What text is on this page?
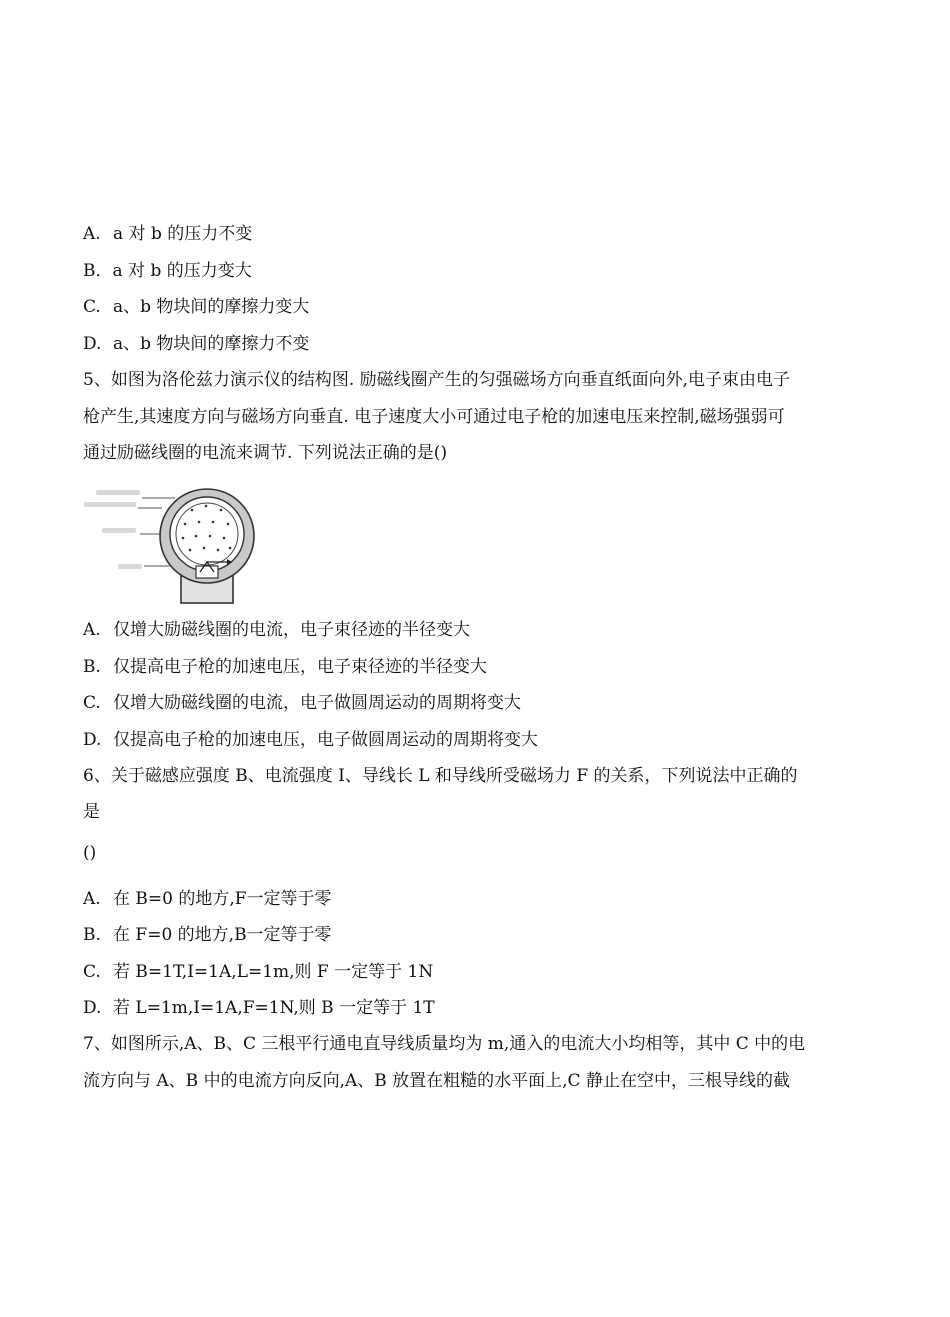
A. a 对 b 的压力不变
B．a 对 b 的压力变大
C. a、b 物块间的摩擦力变大
D. a、b 物块间的摩擦力不变
5、如图为洛伦兹力演示仪的结构图. 励磁线圈产生的匀强磁场方向垂直纸面向外,电子束由电子
枪产生,其速度方向与磁场方向垂直. 电子速度大小可通过电子枪的加速电压来控制,磁场强弱可
通过励磁线圈的电流来调节. 下列说法正确的是()
A. 仅增大励磁线圈的电流，电子束径迹的半径变大
B. 仅提高电子枪的加速电压，电子束径迹的半径变大
C. 仅增大励磁线圈的电流，电子做圆周运动的周期将变大
D. 仅提高电子枪的加速电压，电子做圆周运动的周期将变大
6、关于磁感应强度 B、电流强度 I、导线长 L 和导线所受磁场力 F 的关系，下列说法中正确的
是
()
A. 在 B=0 的地方,F一定等于零
B. 在 F=0 的地方,B一定等于零
C. 若 B=1T,I=1A,L=1m,则 F 一定等于 1N
D. 若 L=1m,I=1A,F=1N,则 B 一定等于 1T
7、如图所示,A、B、C 三根平行通电直导线质量均为 m,通入的电流大小均相等，其中 C 中的电
流方向与 A、B 中的电流方向反向,A、B 放置在粗糙的水平面上,C 静止在空中，三根导线的截
